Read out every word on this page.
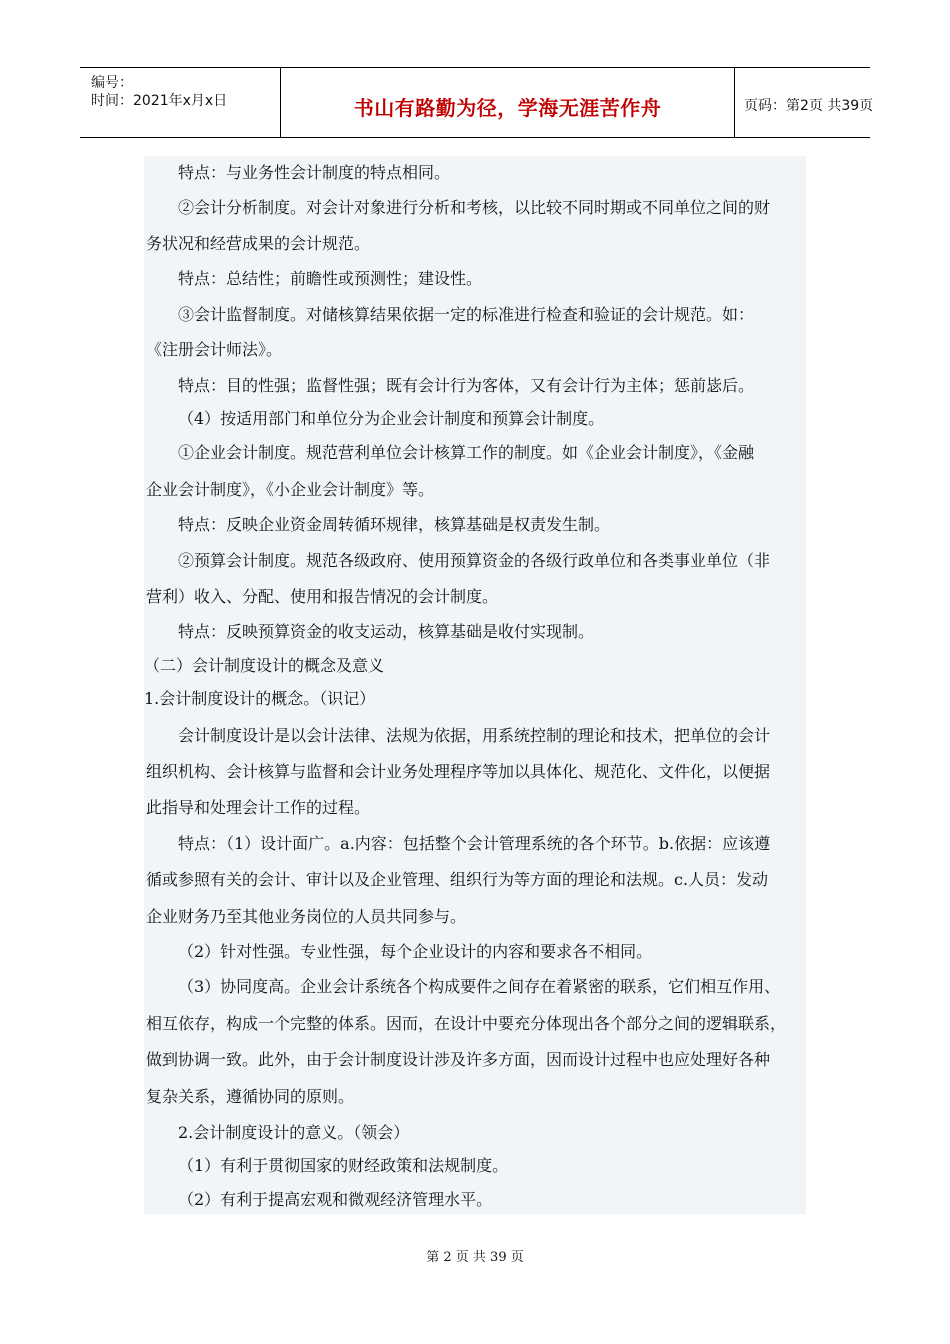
编号：
时间：2021年x月x日	书山有路勤为径，学海无涯苦作舟	页码：第2页 共39页
特点：与业务性会计制度的特点相同。
②会计分析制度。对会计对象进行分析和考核，以比较不同时期或不同单位之间的财
务状况和经营成果的会计规范。
特点：总结性；前瞻性或预测性；建设性。
③会计监督制度。对储核算结果依据一定的标准进行检查和验证的会计规范。如：
《注册会计师法》。
特点：目的性强；监督性强；既有会计行为客体，又有会计行为主体；惩前毖后。
（4）按适用部门和单位分为企业会计制度和预算会计制度。
①企业会计制度。规范营利单位会计核算工作的制度。如《企业会计制度》，《金融
企业会计制度》，《小企业会计制度》等。
特点：反映企业资金周转循环规律，核算基础是权责发生制。
②预算会计制度。规范各级政府、使用预算资金的各级行政单位和各类事业单位（非
营利）收入、分配、使用和报告情况的会计制度。
特点：反映预算资金的收支运动，核算基础是收付实现制。
（二）会计制度设计的概念及意义
1.会计制度设计的概念。（识记）
会计制度设计是以会计法律、法规为依据，用系统控制的理论和技术，把单位的会计
组织机构、会计核算与监督和会计业务处理程序等加以具体化、规范化、文件化，以便据
此指导和处理会计工作的过程。
特点：（1）设计面广。a.内容：包括整个会计管理系统的各个环节。b.依据：应该遵
循或参照有关的会计、审计以及企业管理、组织行为等方面的理论和法规。c.人员：发动
企业财务乃至其他业务岗位的人员共同参与。
（2）针对性强。专业性强，每个企业设计的内容和要求各不相同。
（3）协同度高。企业会计系统各个构成要件之间存在着紧密的联系，它们相互作用、
相互依存，构成一个完整的体系。因而，在设计中要充分体现出各个部分之间的逻辑联系，
做到协调一致。此外，由于会计制度设计涉及许多方面，因而设计过程中也应处理好各种
复杂关系，遵循协同的原则。
2.会计制度设计的意义。（领会）
（1）有利于贯彻国家的财经政策和法规制度。
（2）有利于提高宏观和微观经济管理水平。
第 2 页 共 39 页
